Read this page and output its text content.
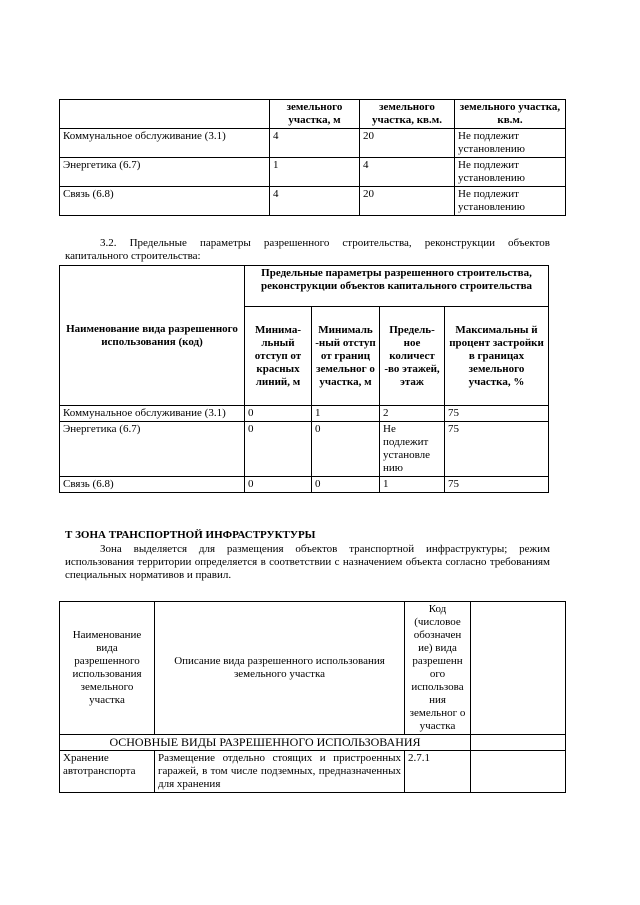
	земельного участка, м	земельного участка, кв.м.	земельного участка, кв.м.
Коммунальное обслуживание (3.1)	4	20	Не подлежит установлению
Энергетика (6.7)	1	4	Не подлежит установлению
Связь (6.8)	4	20	Не подлежит установлению

3.2. Предельные параметры разрешенного строительства, реконструкции объектов капитального строительства:

Наименование вида разрешенного использования (код)	Предельные параметры разрешенного строительства, реконструкции объектов капитального строительства			
	Минима-льный отступ от красных линий, м	Минималь -ный отступ от границ земельног о участка, м	Предель-ное количест -во этажей, этаж	Максимальны й процент застройки в границах земельного участка, %
Коммунальное обслуживание (3.1)	0	1	2	75
Энергетика (6.7)	0	0	Не подлежит установле нию	75
Связь (6.8)	0	0	1	75

Т ЗОНА ТРАНСПОРТНОЙ ИНФРАСТРУКТУРЫ

Зона выделяется для размещения объектов транспортной инфраструктуры; режим использования территории определяется в соответствии с назначением объекта согласно требованиям специальных нормативов и правил.

Наименование вида разрешенного использования земельного участка	Описание вида разрешенного использования земельного участка	Код (числовое обозначен ие) вида разрешенн ого использова ния земельног о участка	
ОСНОВНЫЕ ВИДЫ РАЗРЕШЕННОГО ИСПОЛЬЗОВАНИЯ			
Хранение автотранспорта	Размещение отдельно стоящих и пристроенных гаражей, в том числе подземных, предназначенных для хранения	2.7.1	
